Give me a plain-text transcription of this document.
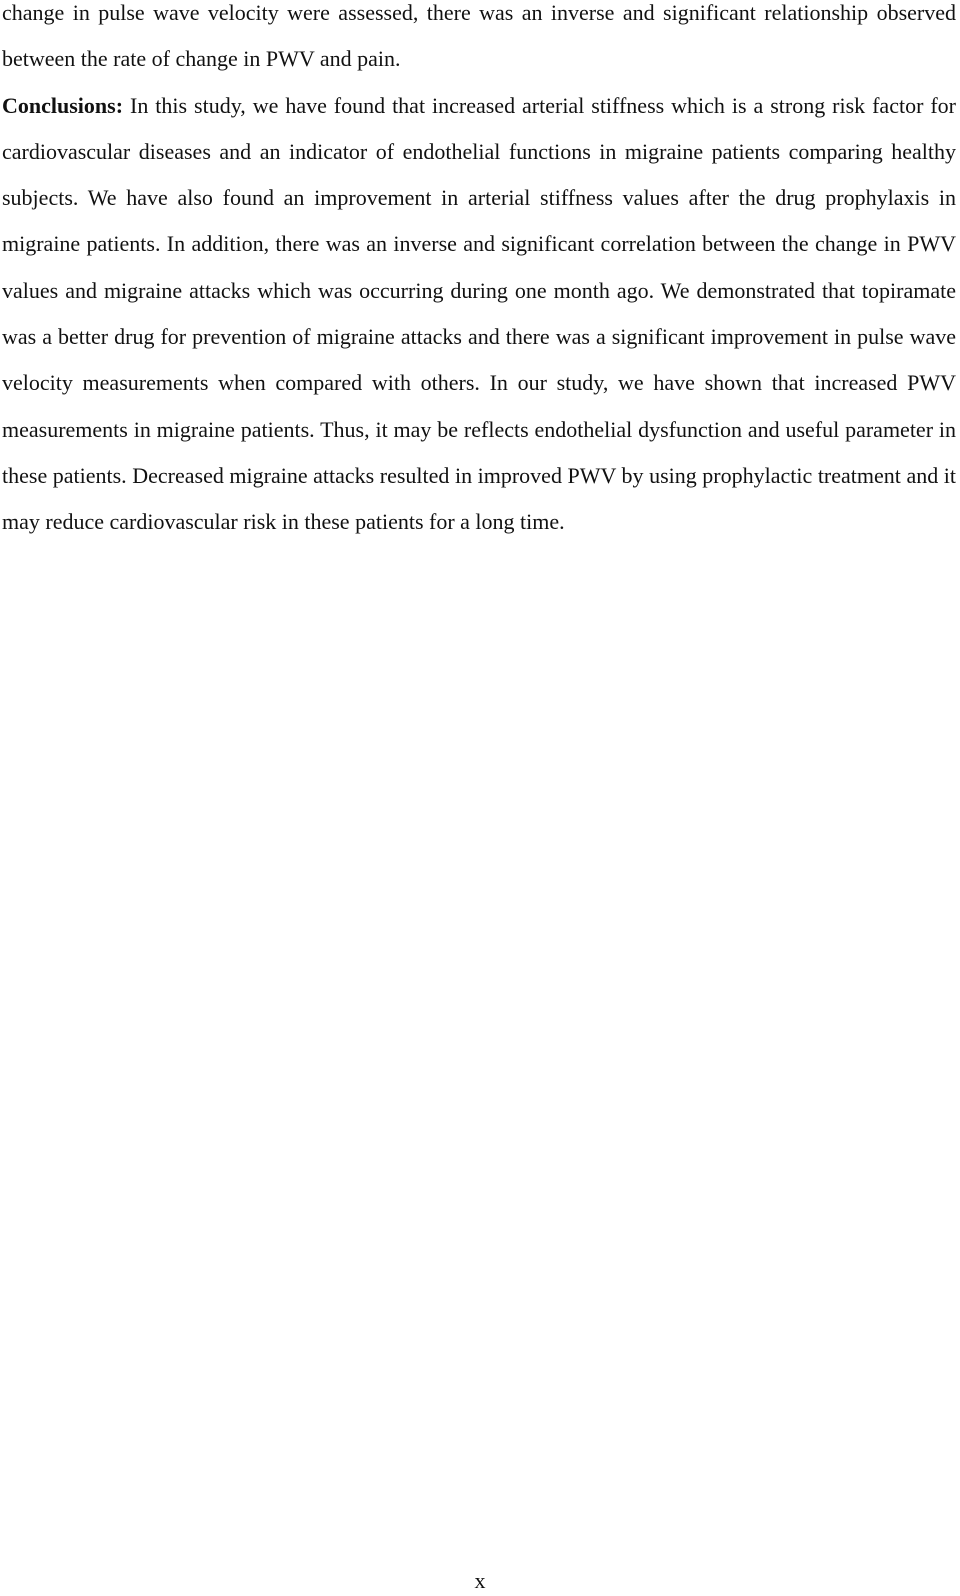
change in pulse wave velocity were assessed, there was an inverse and significant relationship observed between the rate of change in PWV and pain.

Conclusions: In this study, we have found that increased arterial stiffness which is a strong risk factor for cardiovascular diseases and an indicator of endothelial functions in migraine patients comparing healthy subjects. We have also found an improvement in arterial stiffness values after the drug prophylaxis in migraine patients. In addition, there was an inverse and significant correlation between the change in PWV values and migraine attacks which was occurring during one month ago. We demonstrated that topiramate was a better drug for prevention of migraine attacks and there was a significant improvement in pulse wave velocity measurements when compared with others. In our study, we have shown that increased PWV measurements in migraine patients. Thus, it may be reflects endothelial dysfunction and useful parameter in these patients. Decreased migraine attacks resulted in improved PWV by using prophylactic treatment and it may reduce cardiovascular risk in these patients for a long time.

x
